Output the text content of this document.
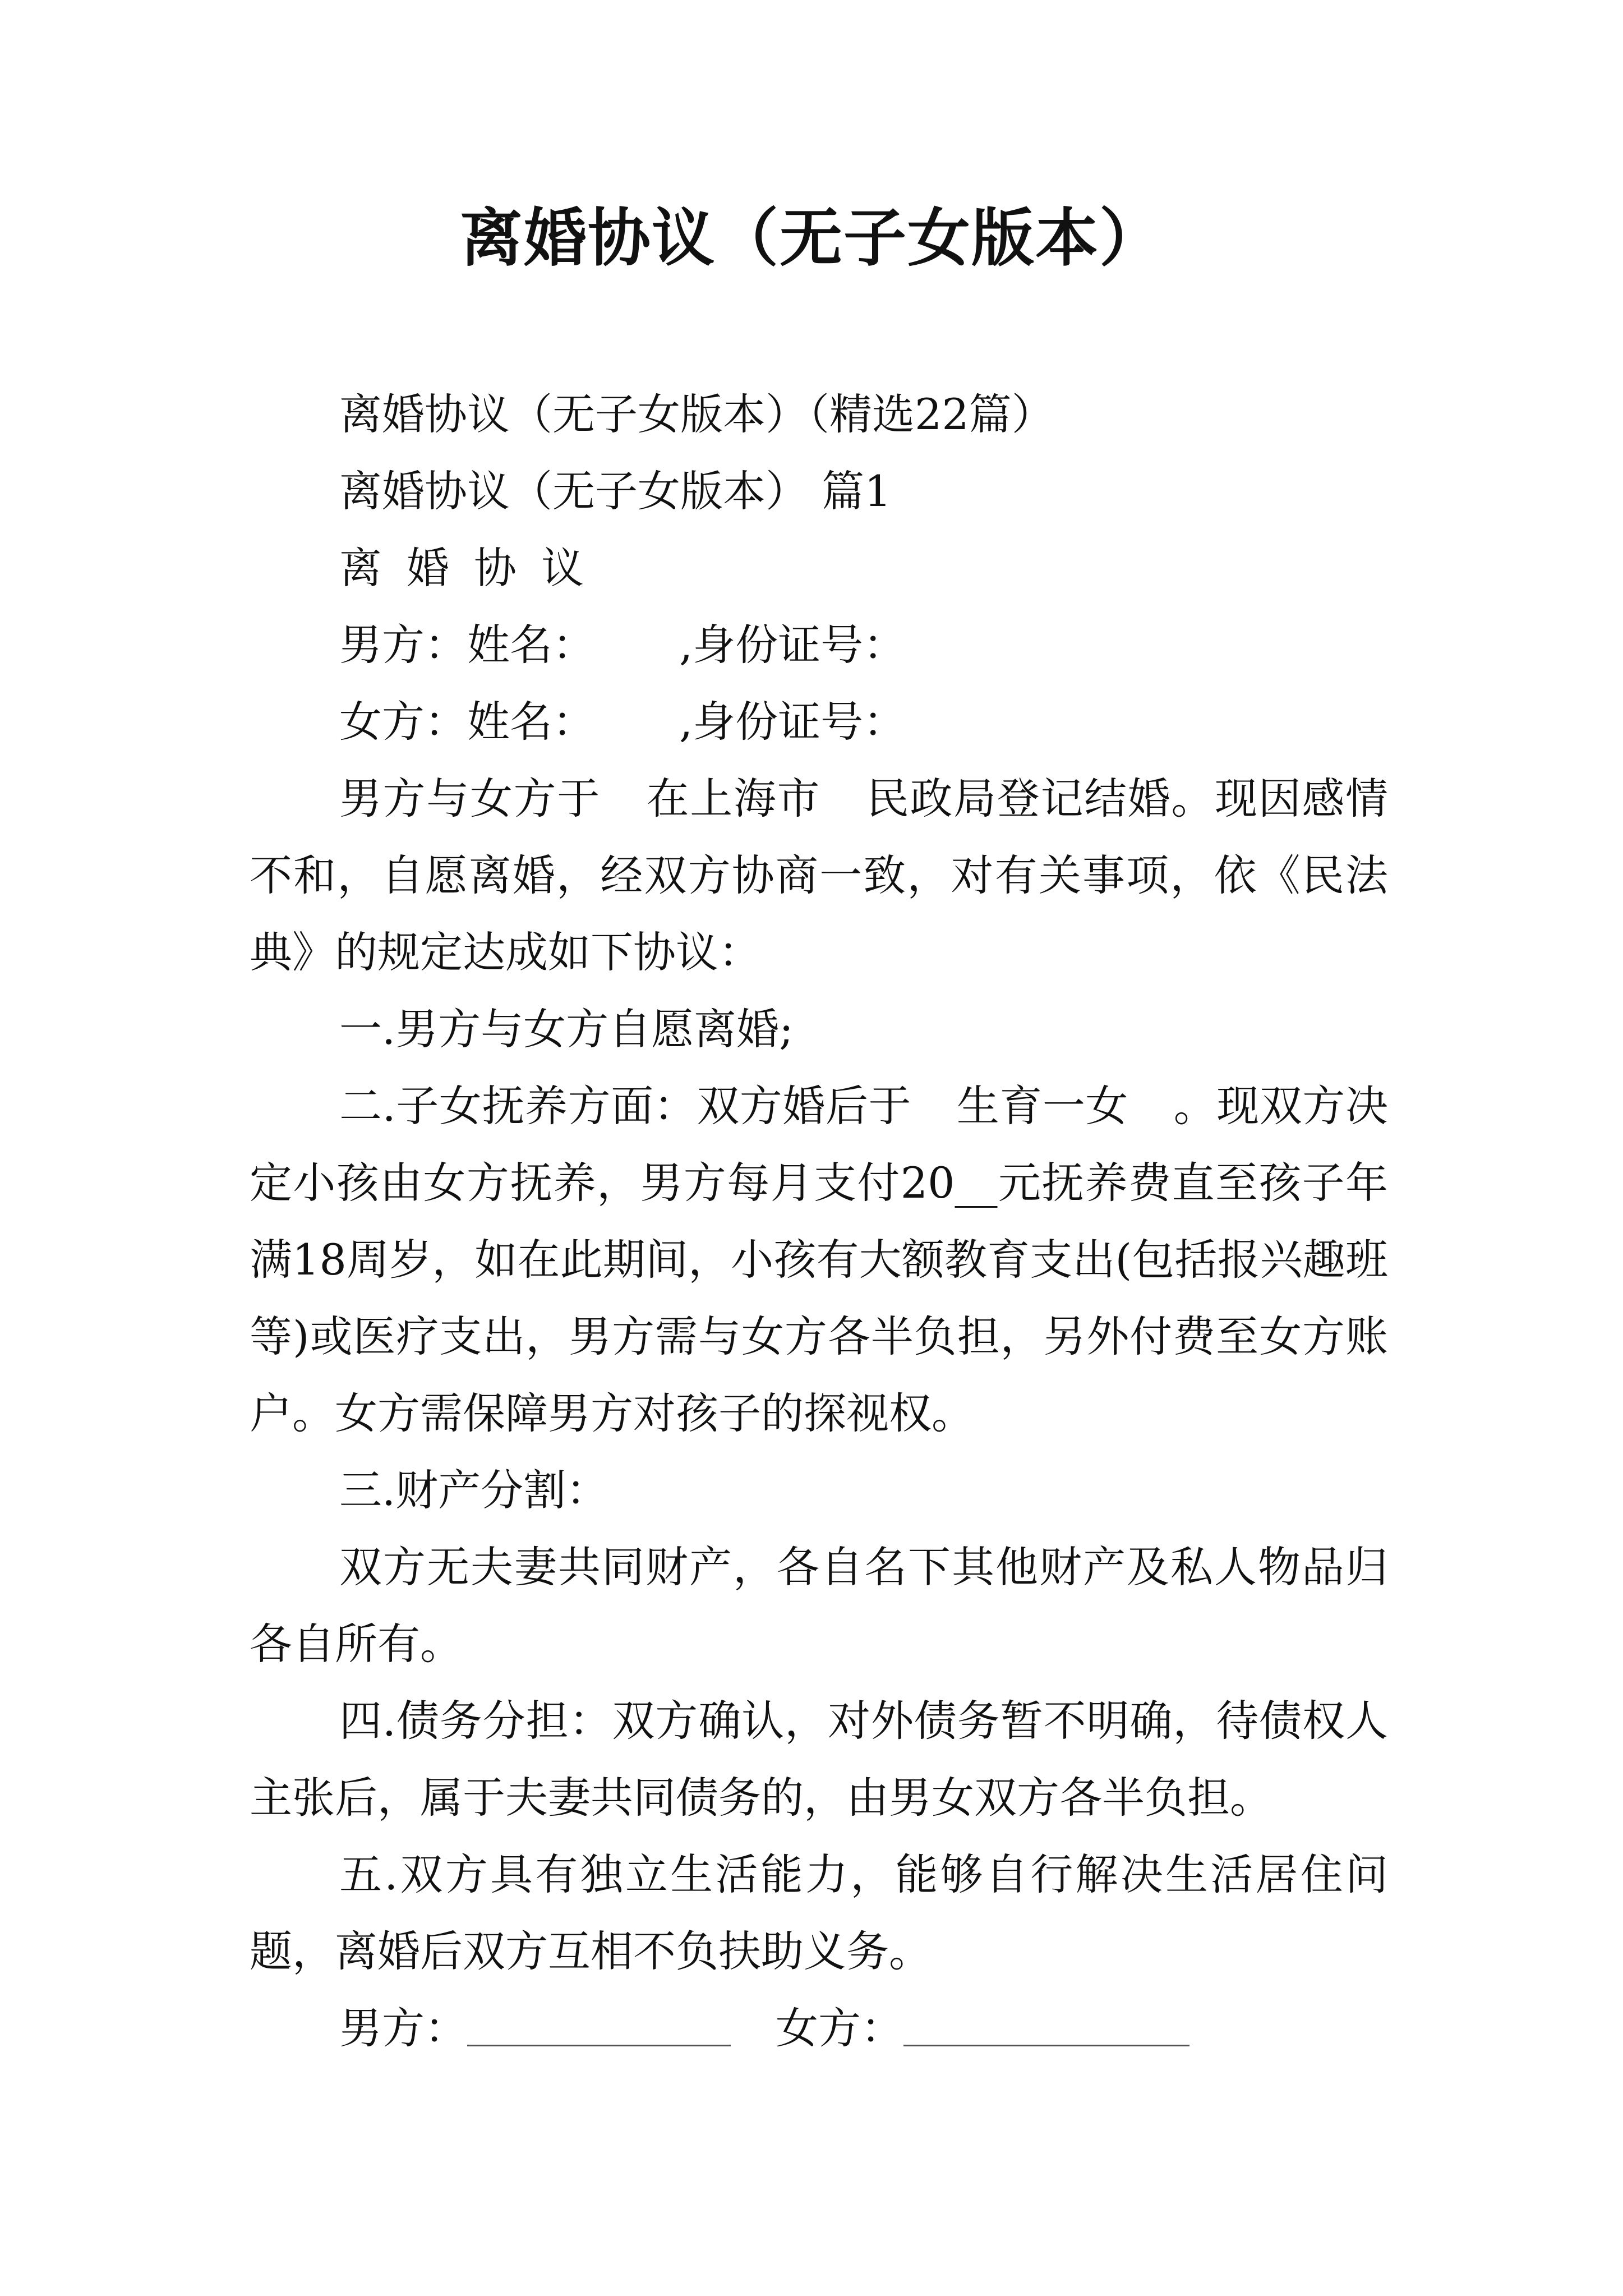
离婚协议（无子女版本）

离婚协议（无子女版本）（精选22篇）

离婚协议（无子女版本） 篇1

离婚协议

男方：姓名： ,身份证号：

女方：姓名： ,身份证号：

男方与女方于 在上海市 民政局登记结婚。现因感情不和，自愿离婚，经双方协商一致，对有关事项，依《民法典》的规定达成如下协议：

一.男方与女方自愿离婚;

二.子女抚养方面：双方婚后于 生育一女 。现双方决定小孩由女方抚养，男方每月支付20__元抚养费直至孩子年满18周岁，如在此期间，小孩有大额教育支出(包括报兴趣班等)或医疗支出，男方需与女方各半负担，另外付费至女方账户。女方需保障男方对孩子的探视权。

三.财产分割：

双方无夫妻共同财产，各自名下其他财产及私人物品归各自所有。

四.债务分担：双方确认，对外债务暂不明确，待债权人主张后，属于夫妻共同债务的，由男女双方各半负担。

五.双方具有独立生活能力，能够自行解决生活居住问题，离婚后双方互相不负扶助义务。

男方：	女方：
